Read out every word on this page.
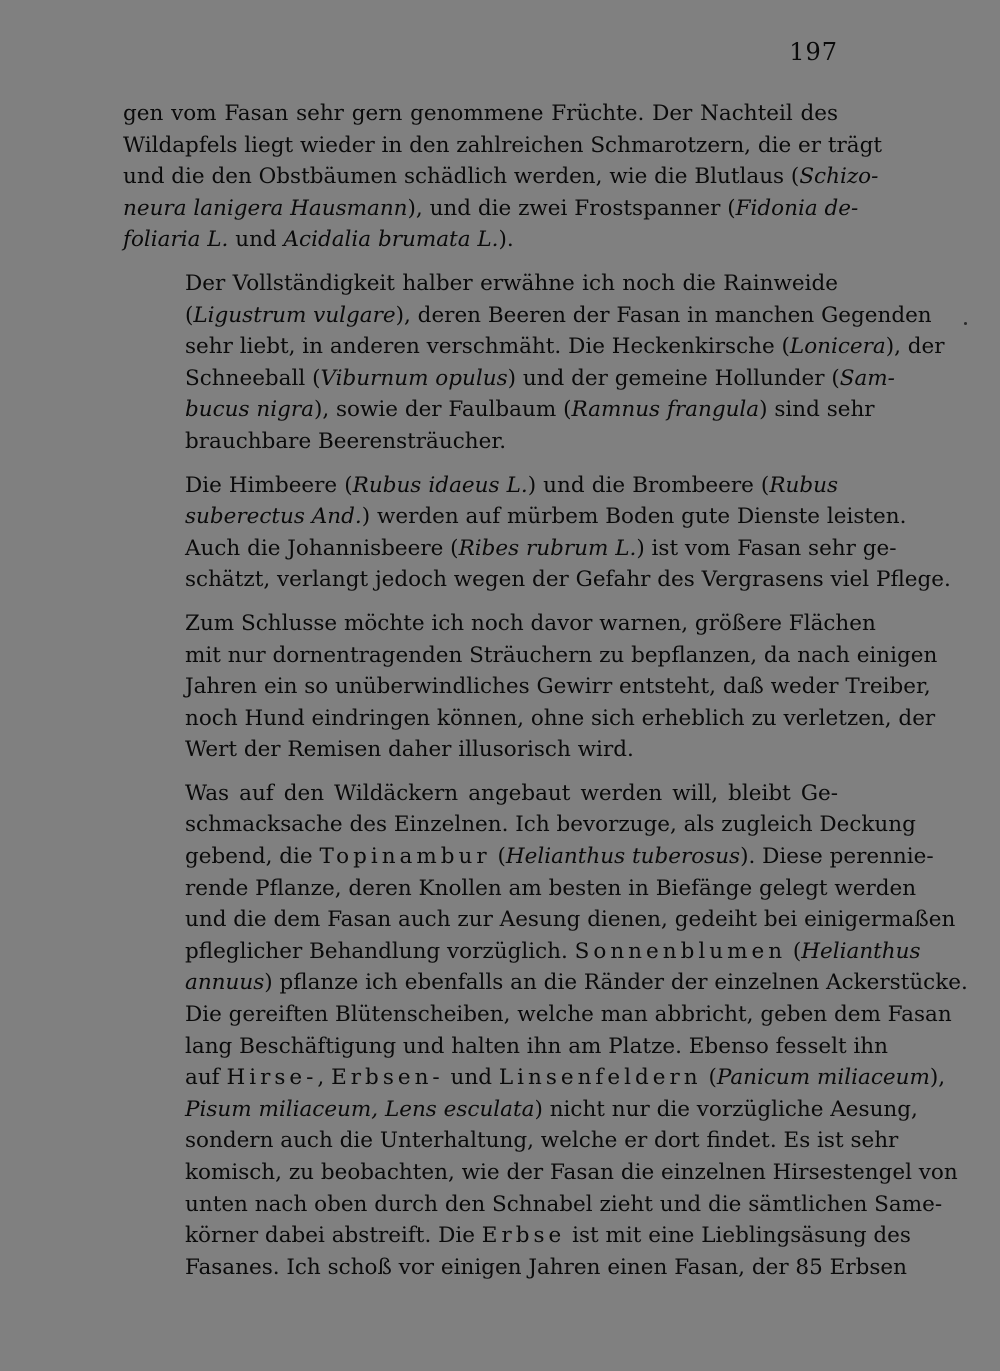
197

gen vom Fasan sehr gern genommene Früchte. Der Nachteil des
Wildapfels liegt wieder in den zahlreichen Schmarotzern, die er trägt
und die den Obstbäumen schädlich werden, wie die Blutlaus (Schizo-
neura lanigera Hausmann), und die zwei Frostspanner (Fidonia de-
foliaria L. und Acidalia brumata L.).

Der Vollständigkeit halber erwähne ich noch die Rainweide
(Ligustrum vulgare), deren Beeren der Fasan in manchen Gegenden
sehr liebt, in anderen verschmäht. Die Heckenkirsche (Lonicera), der
Schneeball (Viburnum opulus) und der gemeine Hollunder (Sam-
bucus nigra), sowie der Faulbaum (Ramnus frangula) sind sehr
brauchbare Beerensträucher.

Die Himbeere (Rubus idaeus L.) und die Brombeere (Rubus
suberectus And.) werden auf mürbem Boden gute Dienste leisten.
Auch die Johannisbeere (Ribes rubrum L.) ist vom Fasan sehr ge-
schätzt, verlangt jedoch wegen der Gefahr des Vergrasens viel Pflege.

Zum Schlusse möchte ich noch davor warnen, größere Flächen
mit nur dornentragenden Sträuchern zu bepflanzen, da nach einigen
Jahren ein so unüberwindliches Gewirr entsteht, daß weder Treiber,
noch Hund eindringen können, ohne sich erheblich zu verletzen, der
Wert der Remisen daher illusorisch wird.

Was auf den Wildäckern angebaut werden will, bleibt Ge-
schmacksache des Einzelnen. Ich bevorzuge, als zugleich Deckung
gebend, die Topinambur (Helianthus tuberosus). Diese perennie-
rende Pflanze, deren Knollen am besten in Biefänge gelegt werden
und die dem Fasan auch zur Aesung dienen, gedeiht bei einigermaßen
pfleglicher Behandlung vorzüglich. Sonnenblumen (Helianthus
annuus) pflanze ich ebenfalls an die Ränder der einzelnen Ackerstücke.
Die gereiften Blütenscheiben, welche man abbricht, geben dem Fasan
lang Beschäftigung und halten ihn am Platze. Ebenso fesselt ihn
auf Hirse-, Erbsen- und Linsenfeldern (Panicum miliaceum),
Pisum miliaceum, Lens esculata) nicht nur die vorzügliche Aesung,
sondern auch die Unterhaltung, welche er dort findet. Es ist sehr
komisch, zu beobachten, wie der Fasan die einzelnen Hirsestengel von
unten nach oben durch den Schnabel zieht und die sämtlichen Same-
körner dabei abstreift. Die Erbse ist mit eine Lieblingsäsung des
Fasanes. Ich schoß vor einigen Jahren einen Fasan, der 85 Erbsen
